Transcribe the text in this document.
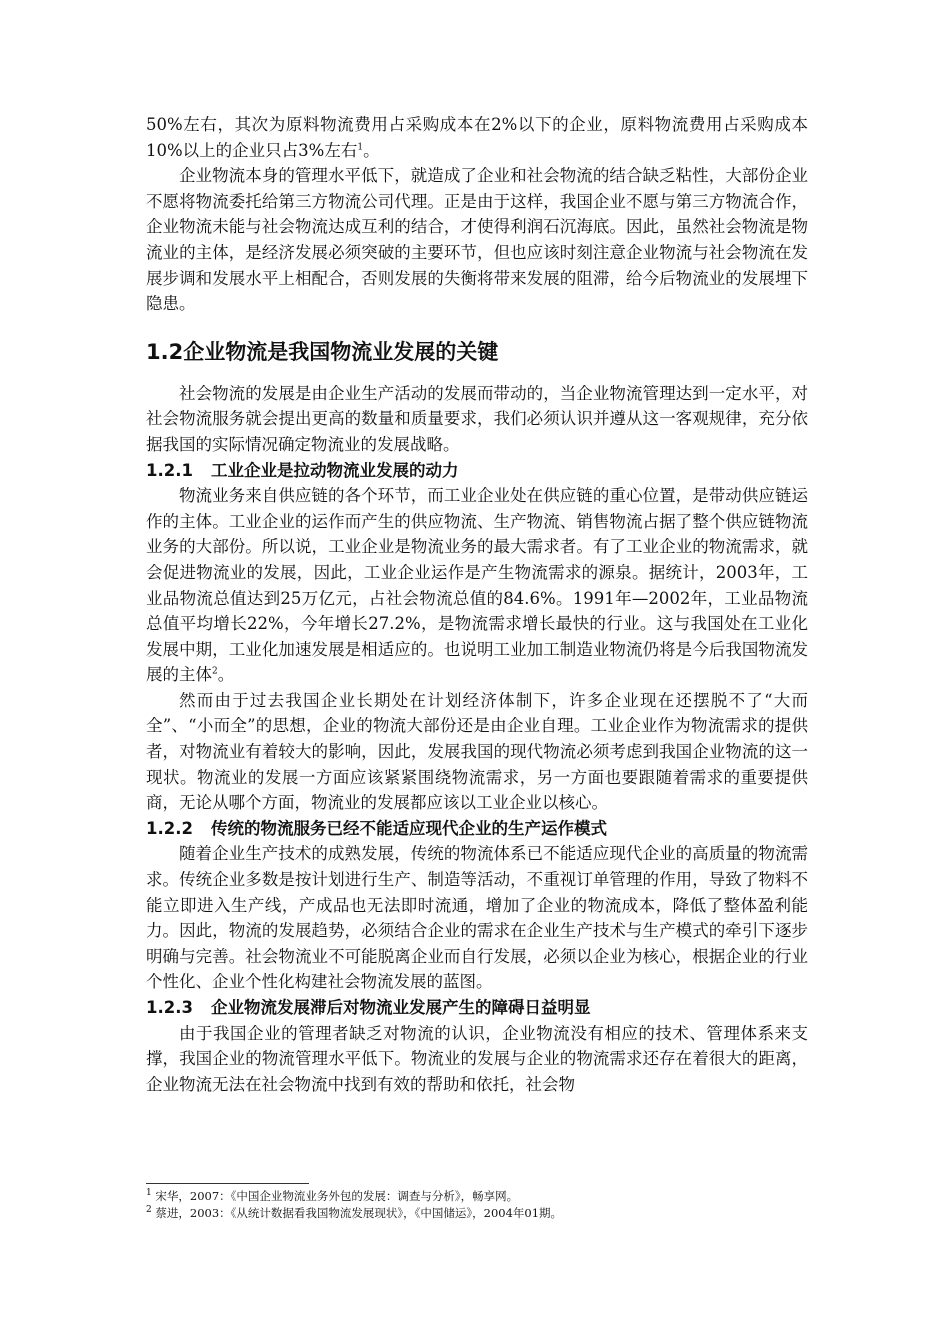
50%左右，其次为原料物流费用占采购成本在2%以下的企业，原料物流费用占采购成本10%以上的企业只占3%左右$^1$。

企业物流本身的管理水平低下，就造成了企业和社会物流的结合缺乏粘性，大部份企业不愿将物流委托给第三方物流公司代理。正是由于这样，我国企业不愿与第三方物流合作，企业物流未能与社会物流达成互利的结合，才使得利润石沉海底。因此，虽然社会物流是物流业的主体，是经济发展必须突破的主要环节，但也应该时刻注意企业物流与社会物流在发展步调和发展水平上相配合，否则发展的失衡将带来发展的阻滞，给今后物流业的发展埋下隐患。

1.2企业物流是我国物流业发展的关键

社会物流的发展是由企业生产活动的发展而带动的，当企业物流管理达到一定水平，对社会物流服务就会提出更高的数量和质量要求，我们必须认识并遵从这一客观规律，充分依据我国的实际情况确定物流业的发展战略。

1.2.1 工业企业是拉动物流业发展的动力

物流业务来自供应链的各个环节，而工业企业处在供应链的重心位置，是带动供应链运作的主体。工业企业的运作而产生的供应物流、生产物流、销售物流占据了整个供应链物流业务的大部份。所以说，工业企业是物流业务的最大需求者。有了工业企业的物流需求，就会促进物流业的发展，因此，工业企业运作是产生物流需求的源泉。据统计，2003年，工业品物流总值达到25万亿元，占社会物流总值的84.6%。1991年—2002年，工业品物流总值平均增长22%，今年增长27.2%，是物流需求增长最快的行业。这与我国处在工业化发展中期，工业化加速发展是相适应的。也说明工业加工制造业物流仍将是今后我国物流发展的主体$^2$。

然而由于过去我国企业长期处在计划经济体制下，许多企业现在还摆脱不了“大而全”、“小而全”的思想，企业的物流大部份还是由企业自理。工业企业作为物流需求的提供者，对物流业有着较大的影响，因此，发展我国的现代物流必须考虑到我国企业物流的这一现状。物流业的发展一方面应该紧紧围绕物流需求，另一方面也要跟随着需求的重要提供商，无论从哪个方面，物流业的发展都应该以工业企业以核心。

1.2.2 传统的物流服务已经不能适应现代企业的生产运作模式

随着企业生产技术的成熟发展，传统的物流体系已不能适应现代企业的高质量的物流需求。传统企业多数是按计划进行生产、制造等活动，不重视订单管理的作用，导致了物料不能立即进入生产线，产成品也无法即时流通，增加了企业的物流成本，降低了整体盈利能力。因此，物流的发展趋势，必须结合企业的需求在企业生产技术与生产模式的牵引下逐步明确与完善。社会物流业不可能脱离企业而自行发展，必须以企业为核心，根据企业的行业个性化、企业个性化构建社会物流发展的蓝图。

1.2.3 企业物流发展滞后对物流业发展产生的障碍日益明显

由于我国企业的管理者缺乏对物流的认识，企业物流没有相应的技术、管理体系来支撑，我国企业的物流管理水平低下。物流业的发展与企业的物流需求还存在着很大的距离，企业物流无法在社会物流中找到有效的帮助和依托，社会物

$^1$ 宋华，2007：《中国企业物流业务外包的发展：调查与分析》，畅享网。
$^2$ 蔡进，2003：《从统计数据看我国物流发展现状》，《中国储运》，2004年01期。
